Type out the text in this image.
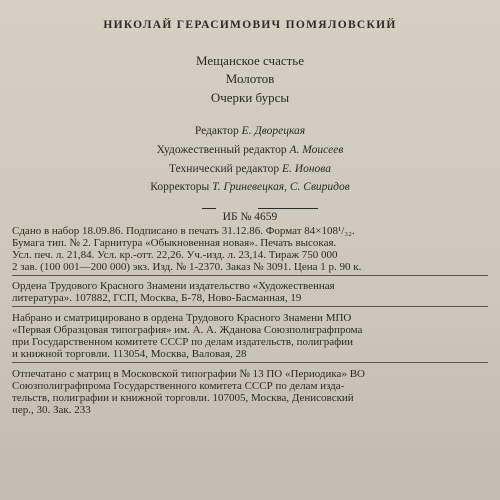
НИКОЛАЙ ГЕРАСИМОВИЧ ПОМЯЛОВСКИЙ
Мещанское счастье
Молотов
Очерки бурсы
Редактор Е. Дворецкая
Художественный редактор А. Моисеев
Технический редактор Е. Ионова
Корректоры Т. Гриневецкая, С. Свиридов
ИБ № 4659
Сдано в набор 18.09.86. Подписано в печать 31.12.86. Формат 84×108¹/₃₂.
Бумага тип. № 2. Гарнитура «Обыкновенная новая». Печать высокая.
Усл. печ. л. 21,84. Усл. кр.-отт. 22,26. Уч.-изд. л. 23,14. Тираж 750 000
2 зав. (100 001—200 000) экз. Изд. № 1-2370. Заказ № 3091. Цена 1 р. 90 к.
Ордена Трудового Красного Знамени издательство «Художественная
литература». 107882, ГСП, Москва, Б-78, Ново-Басманная, 19
Набрано и сматрицировано в ордена Трудового Красного Знамени МПО
«Первая Образцовая типография» им. А. А. Жданова Союзполиграфпрома
при Государственном комитете СССР по делам издательств, полиграфии
и книжной торговли. 113054, Москва, Валовая, 28
Отпечатано с матриц в Московской типографии № 13 ПО «Периодика» ВО
Союзполиграфпрома Государственного комитета СССР по делам изда-
тельств, полиграфии и книжной торговли. 107005, Москва, Денисовский
пер., 30. Зак. 233
